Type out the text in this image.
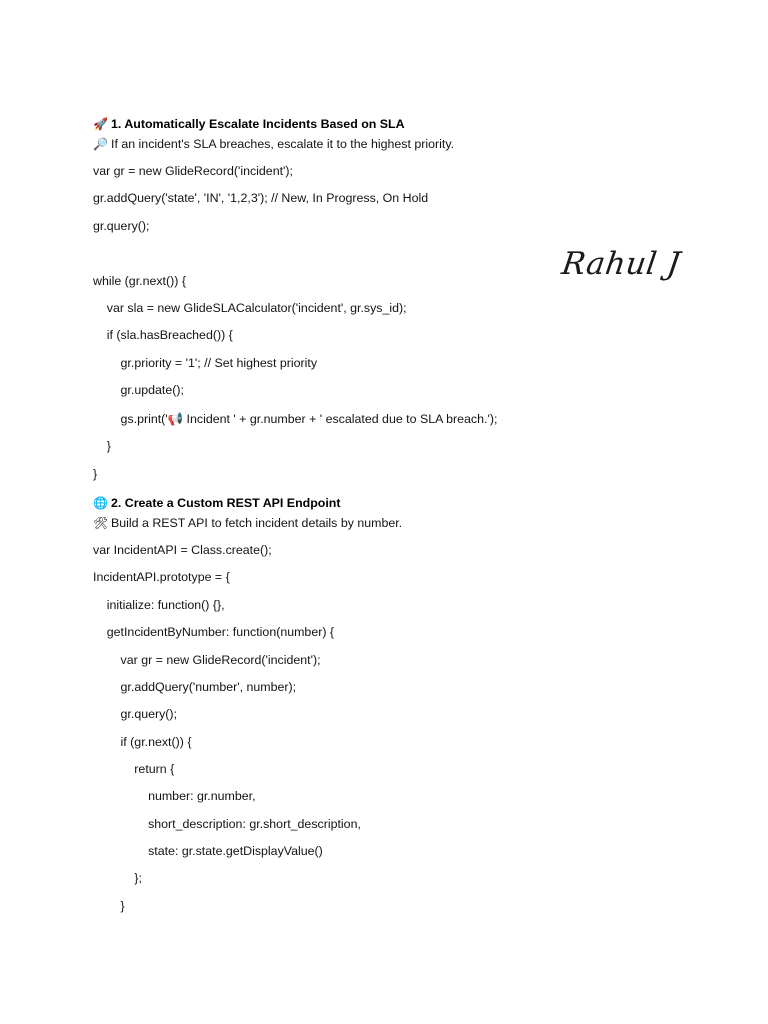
🚀 1. Automatically Escalate Incidents Based on SLA
🔎 If an incident's SLA breaches, escalate it to the highest priority.
var gr = new GlideRecord('incident');
gr.addQuery('state', 'IN', '1,2,3'); // New, In Progress, On Hold
gr.query();
while (gr.next()) {
var sla = new GlideSLACalculator('incident', gr.sys_id);
if (sla.hasBreached()) {
gr.priority = '1'; // Set highest priority
gr.update();
gs.print('📢 Incident ' + gr.number + ' escalated due to SLA breach.');
}
}
🌐 2. Create a Custom REST API Endpoint
🛠 Build a REST API to fetch incident details by number.
var IncidentAPI = Class.create();
IncidentAPI.prototype = {
initialize: function() {},
getIncidentByNumber: function(number) {
var gr = new GlideRecord('incident');
gr.addQuery('number', number);
gr.query();
if (gr.next()) {
return {
number: gr.number,
short_description: gr.short_description,
state: gr.state.getDisplayValue()
};
}
Rahul J
